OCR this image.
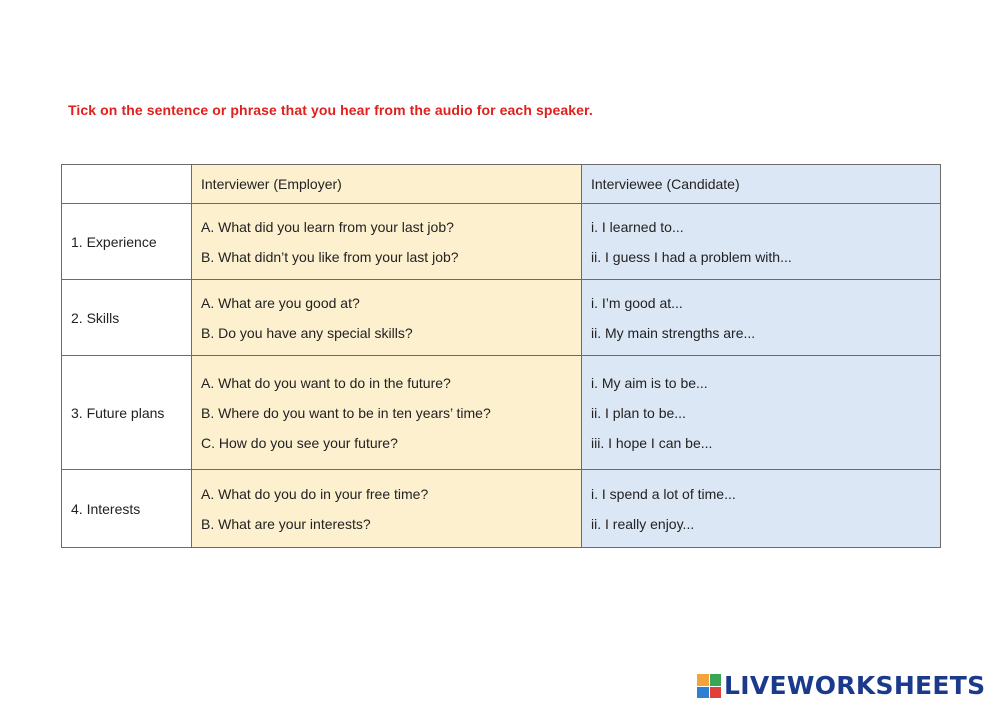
Tick on the sentence or phrase that you hear from the audio for each speaker.
	Interviewer (Employer)	Interviewee (Candidate)
1. Experience	A. What did you learn from your last job?
B. What didn’t you like from your last job?	i. I learned to...
ii. I guess I had a problem with...

2. Skills	A. What are you good at?
B. Do you have any special skills?	i. I’m good at...
ii. My main strengths are...

3. Future plans	A. What do you want to do in the future?
B. Where do you want to be in ten years’ time?
C. How do you see your future?	i. My aim is to be...
ii. I plan to be...
iii. I hope I can be...

4. Interests	A. What do you do in your free time?
B. What are your interests?	i. I spend a lot of time...
ii. I really enjoy...
LIVEWORKSHEETS
